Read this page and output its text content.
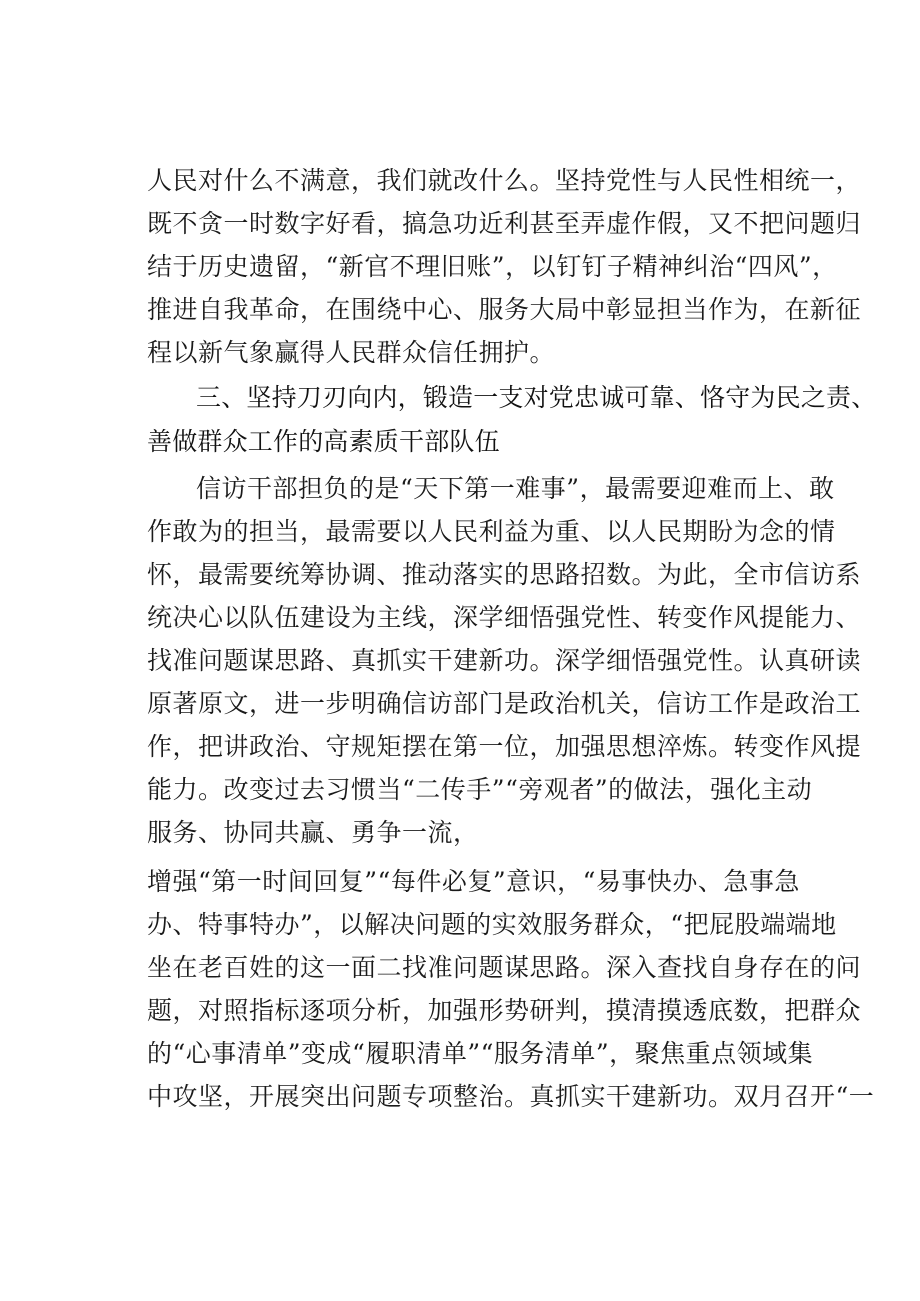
人民对什么不满意，我们就改什么。坚持党性与人民性相统一，
既不贪一时数字好看，搞急功近利甚至弄虚作假，又不把问题归
结于历史遗留，“新官不理旧账”，以钉钉子精神纠治“四风”，
推进自我革命，在围绕中心、服务大局中彰显担当作为，在新征
程以新气象赢得人民群众信任拥护。
三、坚持刀刃向内，锻造一支对党忠诚可靠、恪守为民之责、
善做群众工作的高素质干部队伍
信访干部担负的是“天下第一难事”，最需要迎难而上、敢
作敢为的担当，最需要以人民利益为重、以人民期盼为念的情
怀，最需要统筹协调、推动落实的思路招数。为此，全市信访系
统决心以队伍建设为主线，深学细悟强党性、转变作风提能力、
找准问题谋思路、真抓实干建新功。深学细悟强党性。认真研读
原著原文，进一步明确信访部门是政治机关，信访工作是政治工
作，把讲政治、守规矩摆在第一位，加强思想淬炼。转变作风提
能力。改变过去习惯当“二传手”“旁观者”的做法，强化主动
服务、协同共赢、勇争一流，
增强“第一时间回复”“每件必复”意识，“易事快办、急事急
办、特事特办”，以解决问题的实效服务群众，“把屁股端端地
坐在老百姓的这一面二找准问题谋思路。深入查找自身存在的问
题，对照指标逐项分析，加强形势研判，摸清摸透底数，把群众
的“心事清单”变成“履职清单”“服务清单”，聚焦重点领域集
中攻坚，开展突出问题专项整治。真抓实干建新功。双月召开“一
